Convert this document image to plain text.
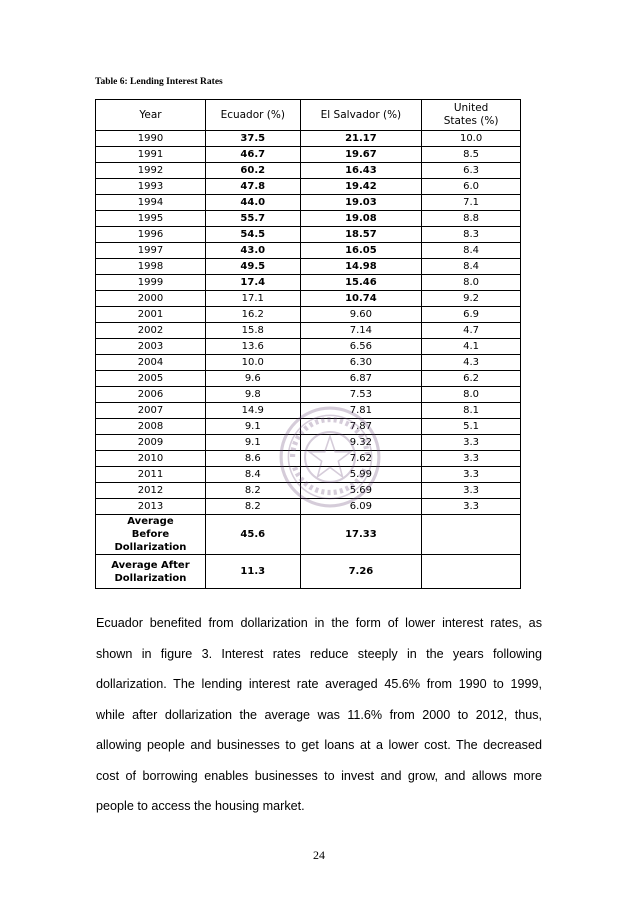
Table 6: Lending Interest Rates
Year	Ecuador (%)	El Salvador (%)	United States (%)
1990	37.5	21.17	10.0
1991	46.7	19.67	8.5
1992	60.2	16.43	6.3
1993	47.8	19.42	6.0
1994	44.0	19.03	7.1
1995	55.7	19.08	8.8
1996	54.5	18.57	8.3
1997	43.0	16.05	8.4
1998	49.5	14.98	8.4
1999	17.4	15.46	8.0
2000	17.1	10.74	9.2
2001	16.2	9.60	6.9
2002	15.8	7.14	4.7
2003	13.6	6.56	4.1
2004	10.0	6.30	4.3
2005	9.6	6.87	6.2
2006	9.8	7.53	8.0
2007	14.9	7.81	8.1
2008	9.1	7.87	5.1
2009	9.1	9.32	3.3
2010	8.6	7.62	3.3
2011	8.4	5.99	3.3
2012	8.2	5.69	3.3
2013	8.2	6.09	3.3
Average Before Dollarization	45.6	17.33	
Average After Dollarization	11.3	7.26	

Ecuador benefited from dollarization in the form of lower interest rates, as shown in figure 3. Interest rates reduce steeply in the years following dollarization. The lending interest rate averaged 45.6% from 1990 to 1999, while after dollarization the average was 11.6% from 2000 to 2012, thus, allowing people and businesses to get loans at a lower cost. The decreased cost of borrowing enables businesses to invest and grow, and allows more people to access the housing market.

24
